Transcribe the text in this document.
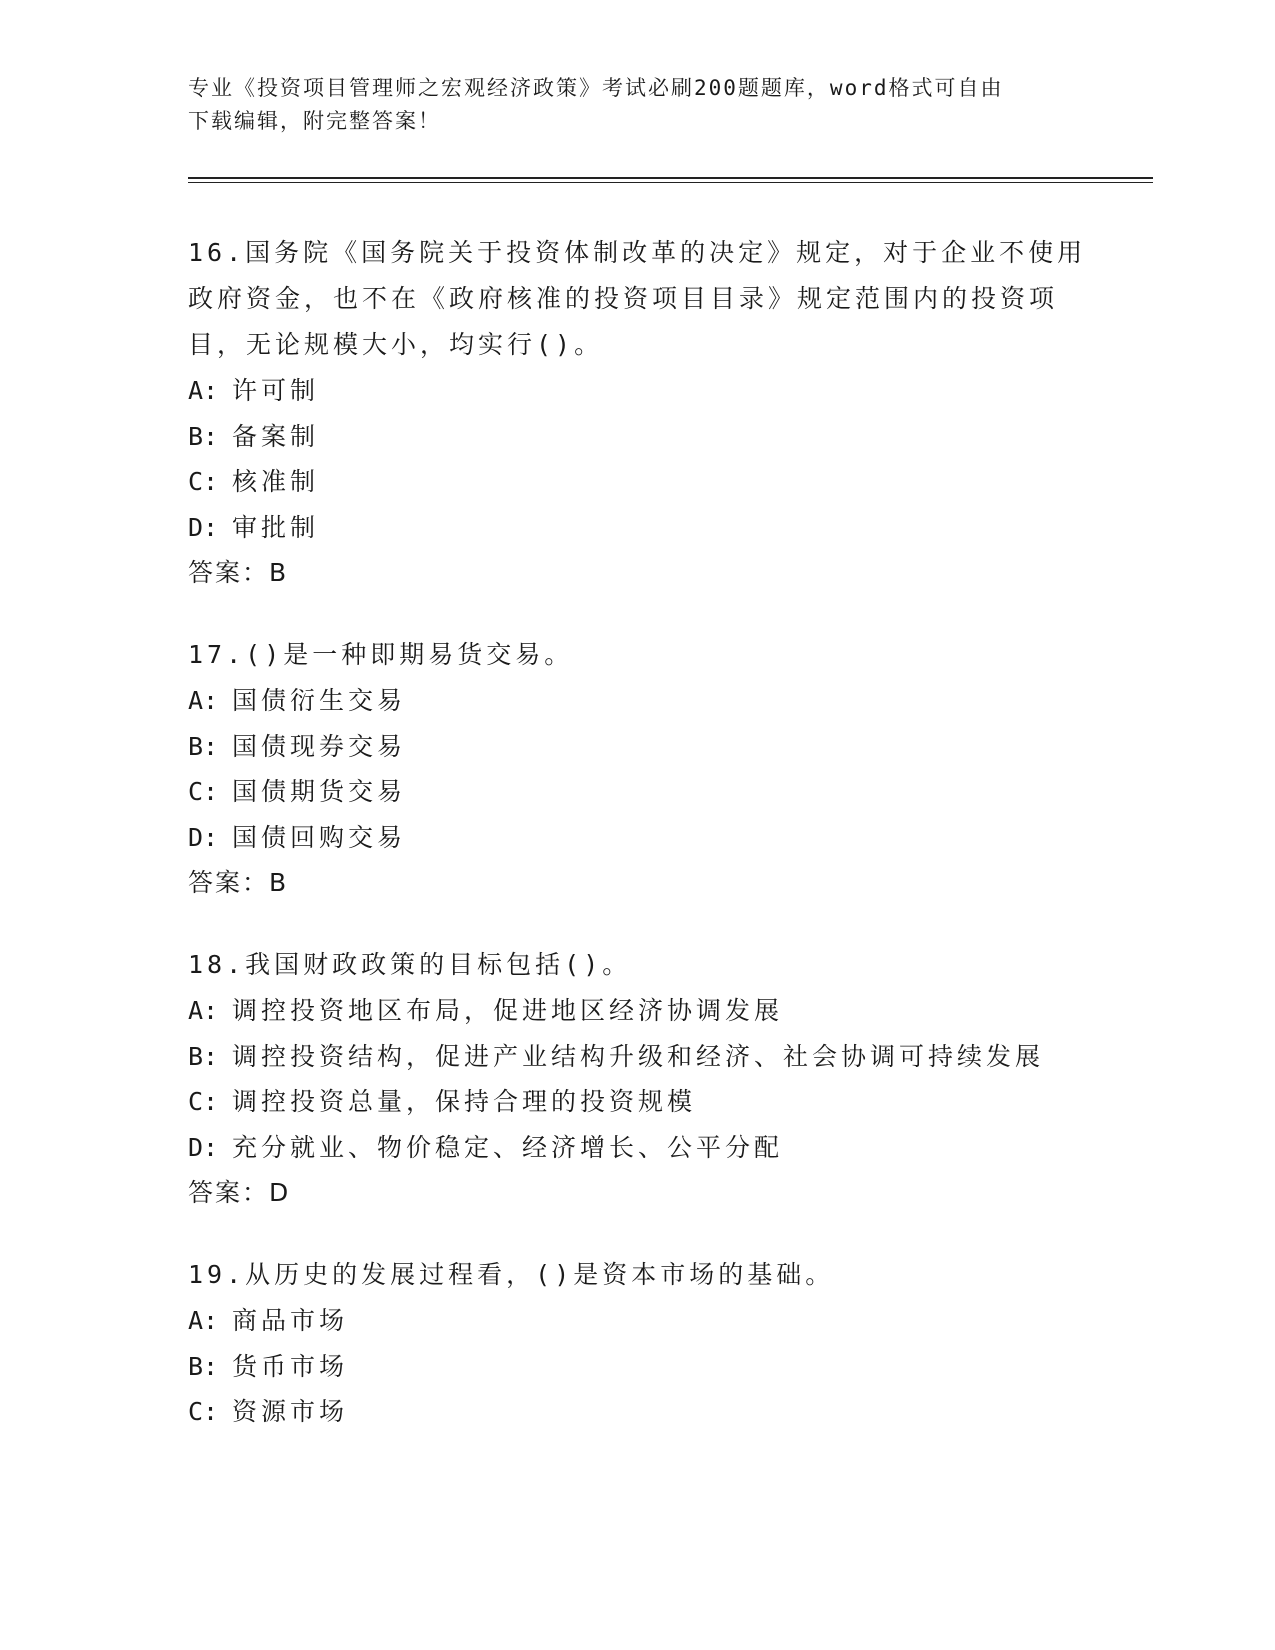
专业《投资项目管理师之宏观经济政策》考试必刷200题题库，word格式可自由
下载编辑，附完整答案！
16.国务院《国务院关于投资体制改革的决定》规定，对于企业不使用政府资金，也不在《政府核准的投资项目目录》规定范围内的投资项目，无论规模大小，均实行()。
A: 许可制
B: 备案制
C: 核准制
D: 审批制
答案：B
17.()是一种即期易货交易。
A: 国债衍生交易
B: 国债现券交易
C: 国债期货交易
D: 国债回购交易
答案：B
18.我国财政政策的目标包括()。
A: 调控投资地区布局，促进地区经济协调发展
B: 调控投资结构，促进产业结构升级和经济、社会协调可持续发展
C: 调控投资总量，保持合理的投资规模
D: 充分就业、物价稳定、经济增长、公平分配
答案：D
19.从历史的发展过程看，()是资本市场的基础。
A: 商品市场
B: 货币市场
C: 资源市场
